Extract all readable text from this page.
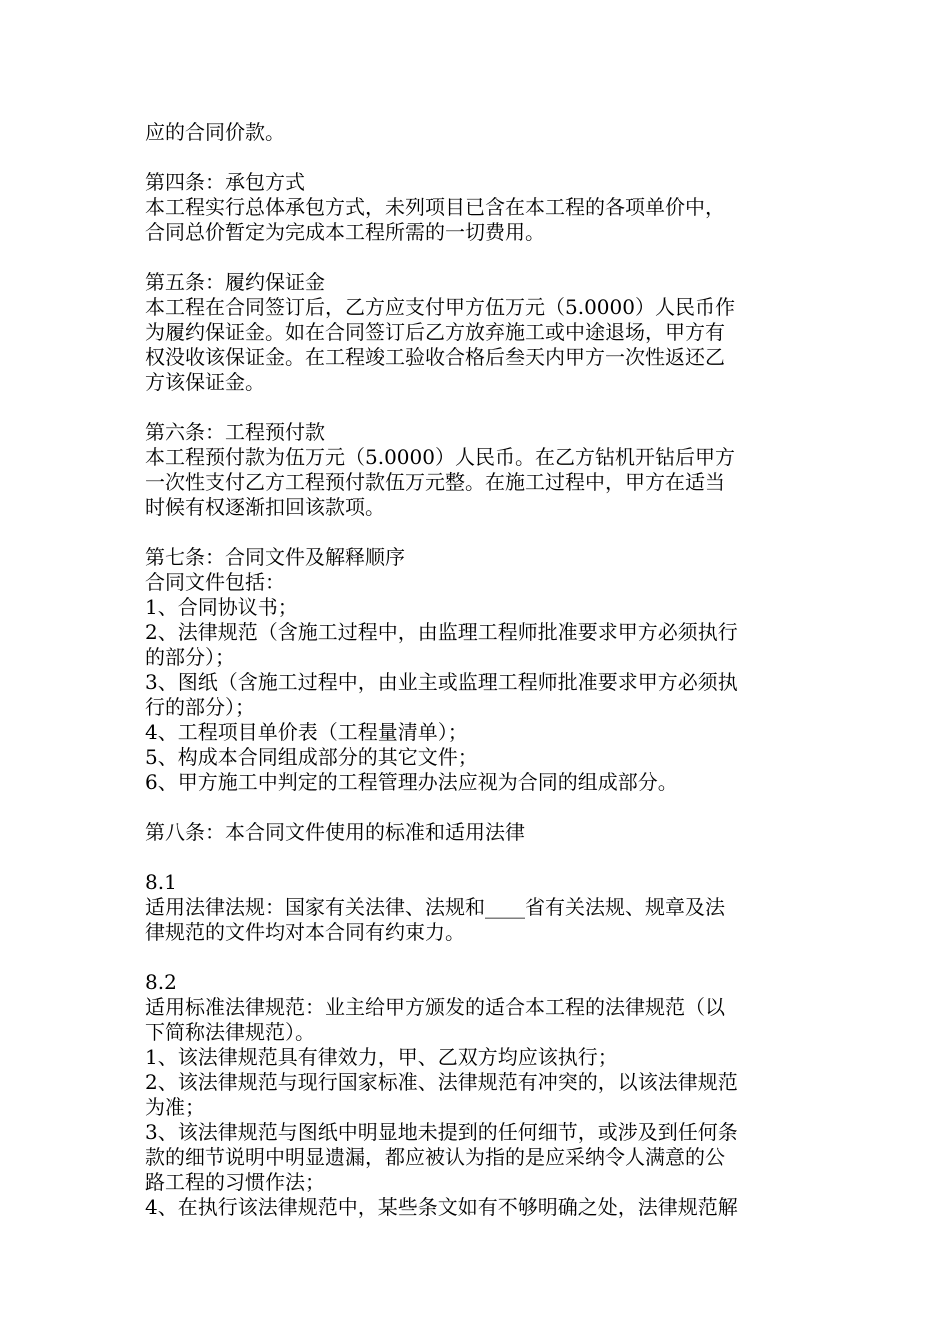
应的合同价款。
第四条：承包方式
本工程实行总体承包方式，未列项目已含在本工程的各项单价中，
合同总价暂定为完成本工程所需的一切费用。
第五条：履约保证金
本工程在合同签订后，乙方应支付甲方伍万元（5.0000）人民币作
为履约保证金。如在合同签订后乙方放弃施工或中途退场，甲方有
权没收该保证金。在工程竣工验收合格后叁天内甲方一次性返还乙
方该保证金。
第六条：工程预付款
本工程预付款为伍万元（5.0000）人民币。在乙方钻机开钻后甲方
一次性支付乙方工程预付款伍万元整。在施工过程中，甲方在适当
时候有权逐渐扣回该款项。
第七条：合同文件及解释顺序
合同文件包括：
1、合同协议书；
2、法律规范（含施工过程中，由监理工程师批准要求甲方必须执行
的部分）；
3、图纸（含施工过程中，由业主或监理工程师批准要求甲方必须执
行的部分）；
4、工程项目单价表（工程量清单）；
5、构成本合同组成部分的其它文件；
6、甲方施工中判定的工程管理办法应视为合同的组成部分。
第八条：本合同文件使用的标准和适用法律
8.1
适用法律法规：国家有关法律、法规和____省有关法规、规章及法
律规范的文件均对本合同有约束力。
8.2
适用标准法律规范：业主给甲方颁发的适合本工程的法律规范（以
下简称法律规范）。
1、该法律规范具有律效力，甲、乙双方均应该执行；
2、该法律规范与现行国家标准、法律规范有冲突的，以该法律规范
为准；
3、该法律规范与图纸中明显地未提到的任何细节，或涉及到任何条
款的细节说明中明显遗漏，都应被认为指的是应采纳令人满意的公
路工程的习惯作法；
4、在执行该法律规范中，某些条文如有不够明确之处，法律规范解
